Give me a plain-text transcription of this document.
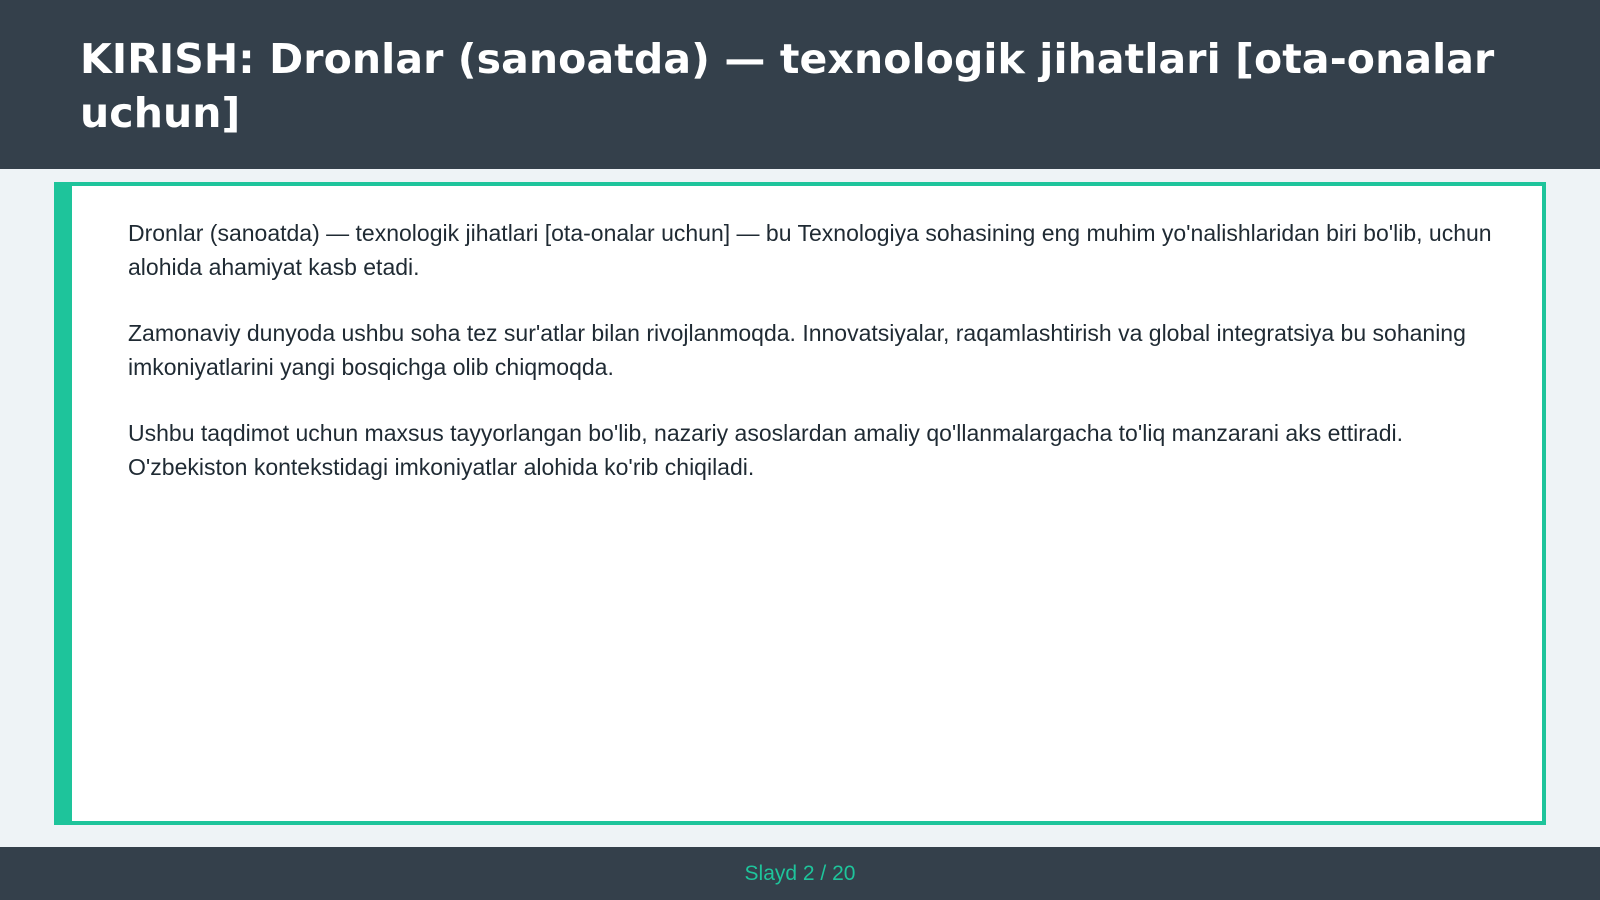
KIRISH: Dronlar (sanoatda) — texnologik jihatlari [ota-onalar uchun]

Dronlar (sanoatda) — texnologik jihatlari [ota-onalar uchun] — bu Texnologiya sohasining eng muhim yo'nalishlaridan biri bo'lib, uchun alohida ahamiyat kasb etadi.

Zamonaviy dunyoda ushbu soha tez sur'atlar bilan rivojlanmoqda. Innovatsiyalar, raqamlashtirish va global integratsiya bu sohaning imkoniyatlarini yangi bosqichga olib chiqmoqda.

Ushbu taqdimot uchun maxsus tayyorlangan bo'lib, nazariy asoslardan amaliy qo'llanmalargacha to'liq manzarani aks ettiradi. O'zbekiston kontekstidagi imkoniyatlar alohida ko'rib chiqiladi.

Slayd 2 / 20
